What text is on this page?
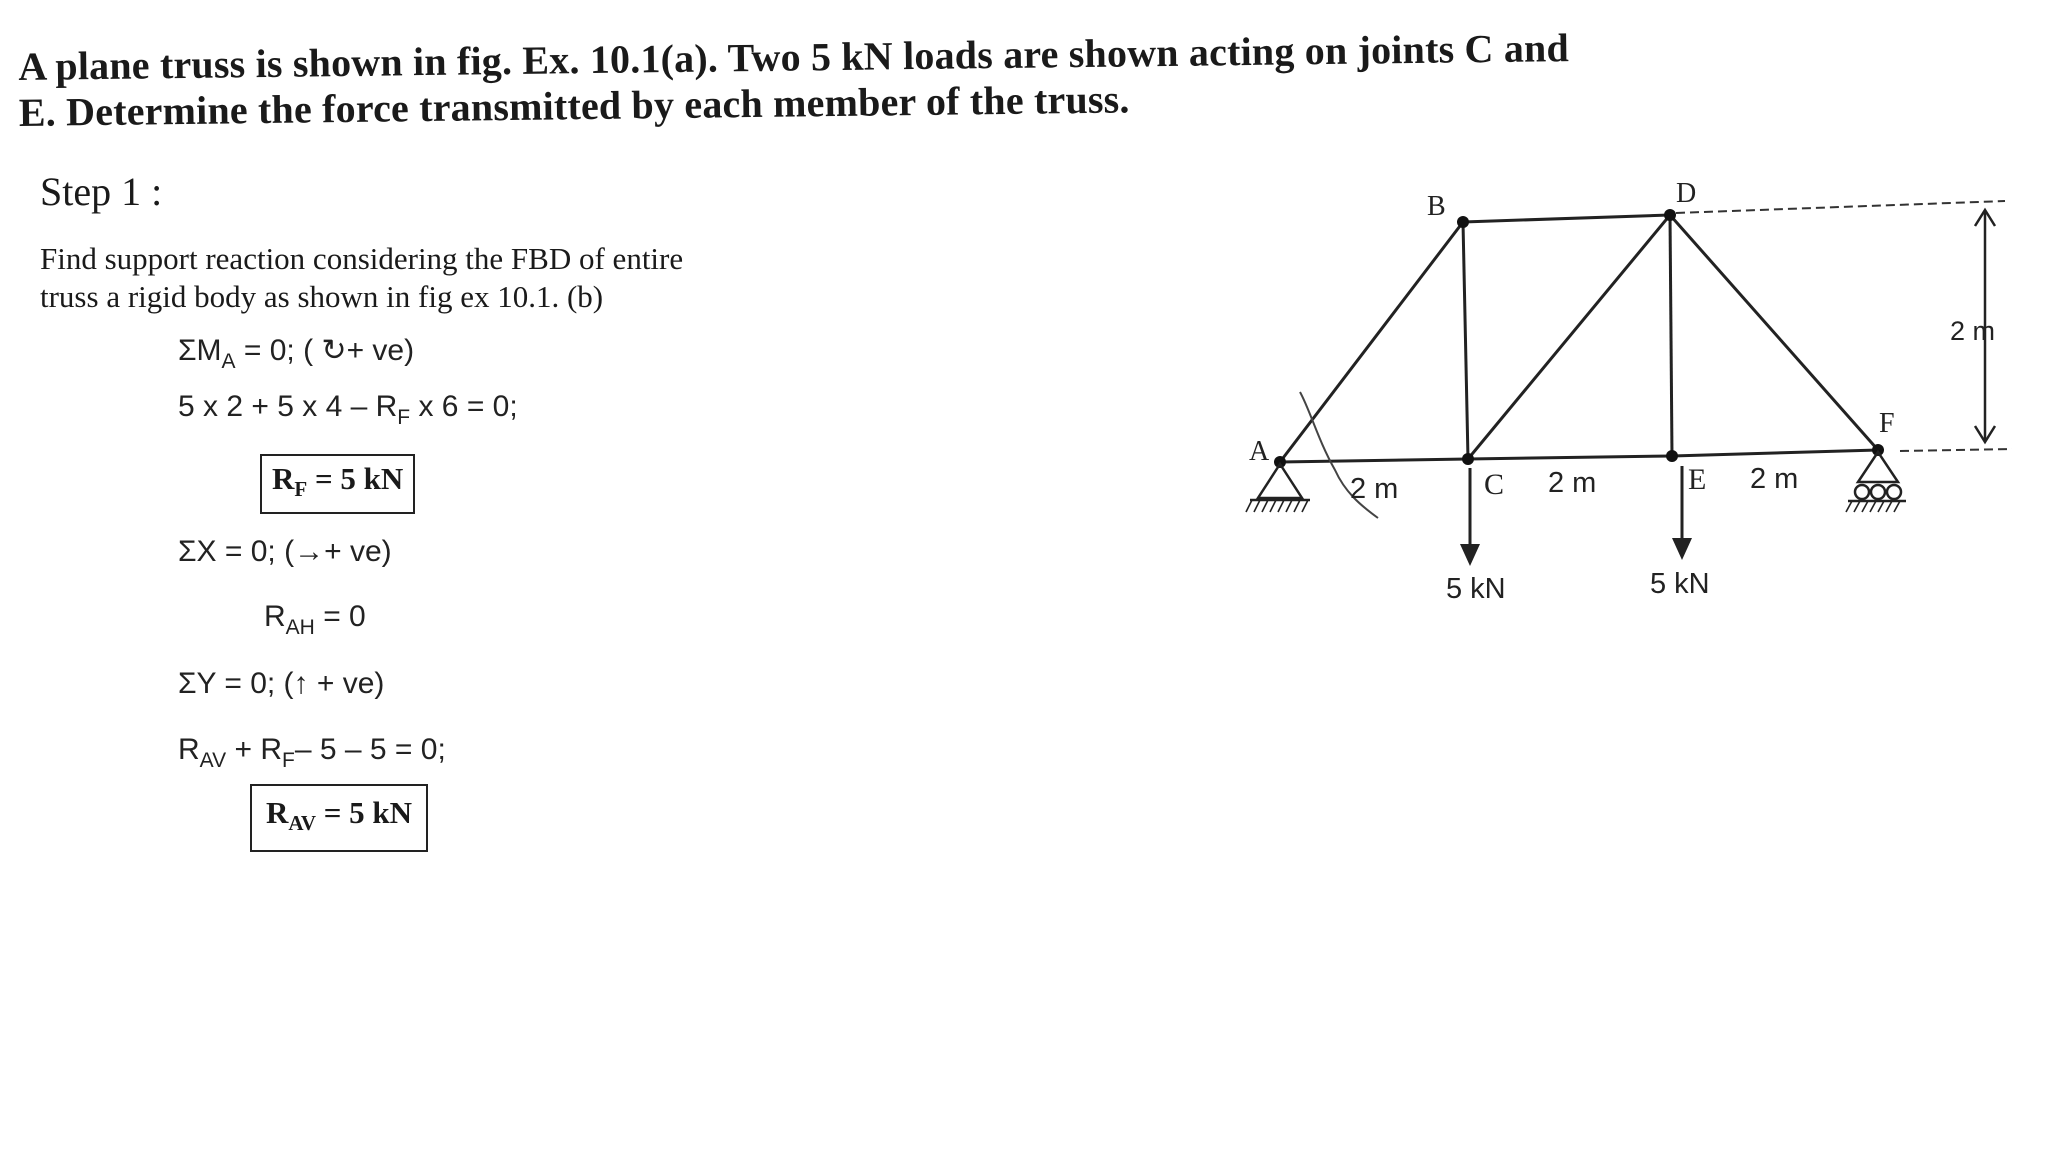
A plane truss is shown in fig. Ex. 10.1(a). Two 5 kN loads are shown acting on joints C and
E. Determine the force transmitted by each member of the truss.
Step 1 :
Find support reaction considering the FBD of entire
truss a rigid body as shown in fig ex 10.1. (b)
$\Sigma M_A = 0$; ( ↻+ ve)
5 x 2 + 5 x $4 - R_F$ x 6 = 0;
$R_F = 5$ kN
ΣX = 0; (→+ ve)
$R_{AH} = 0$
ΣY = 0; (↑ + ve)
$R_{AV} + R_F-$ 5 – 5 = 0;
$R_{AV} = 5$ kN
A
B
C
D
E
F
2 m	2 m	2 m
2 m
5 kN	5 kN
